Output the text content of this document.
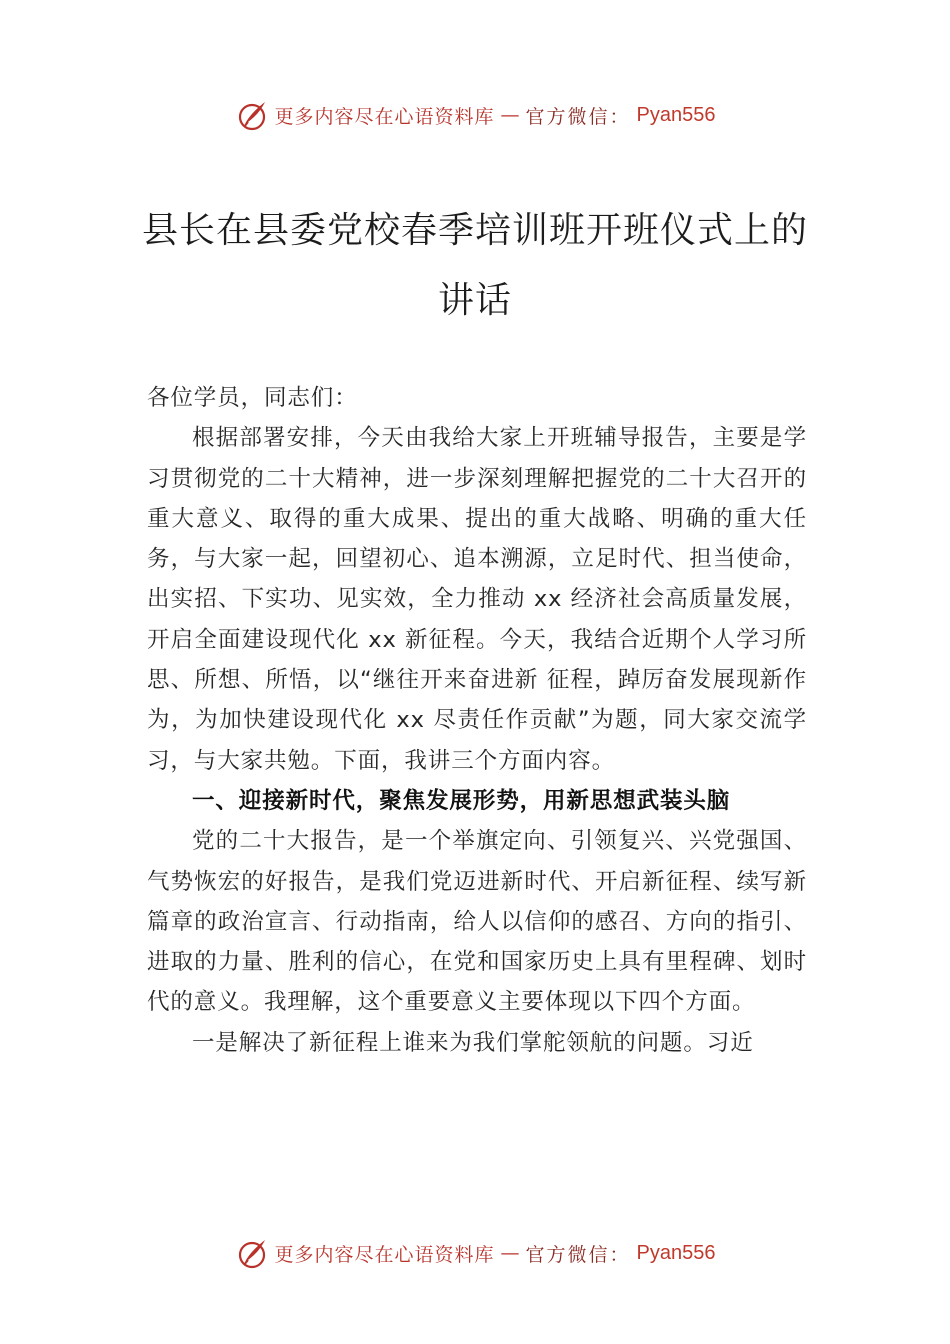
更多内容尽在心语资料库 — 官方微信： Pyan556
县长在县委党校春季培训班开班仪式上的
讲话

各位学员，同志们：

根据部署安排，今天由我给大家上开班辅导报告，主要是学习贯彻党的二十大精神，进一步深刻理解把握党的二十大召开的重大意义、取得的重大成果、提出的重大战略、明确的重大任务，与大家一起，回望初心、追本溯源，立足时代、担当使命，出实招、下实功、见实效，全力推动 xx 经济社会高质量发展，开启全面建设现代化 xx 新征程。今天，我结合近期个人学习所思、所想、所悟，以“继往开来奋进新 征程，踔厉奋发展现新作为，为加快建设现代化 xx 尽责任作贡献”为题，同大家交流学习，与大家共勉。下面，我讲三个方面内容。

一、迎接新时代，聚焦发展形势，用新思想武装头脑

党的二十大报告，是一个举旗定向、引领复兴、兴党强国、气势恢宏的好报告，是我们党迈进新时代、开启新征程、续写新篇章的政治宣言、行动指南，给人以信仰的感召、方向的指引、进取的力量、胜利的信心，在党和国家历史上具有里程碑、划时代的意义。我理解，这个重要意义主要体现以下四个方面。

一是解决了新征程上谁来为我们掌舵领航的问题。习近

更多内容尽在心语资料库 — 官方微信： Pyan556
